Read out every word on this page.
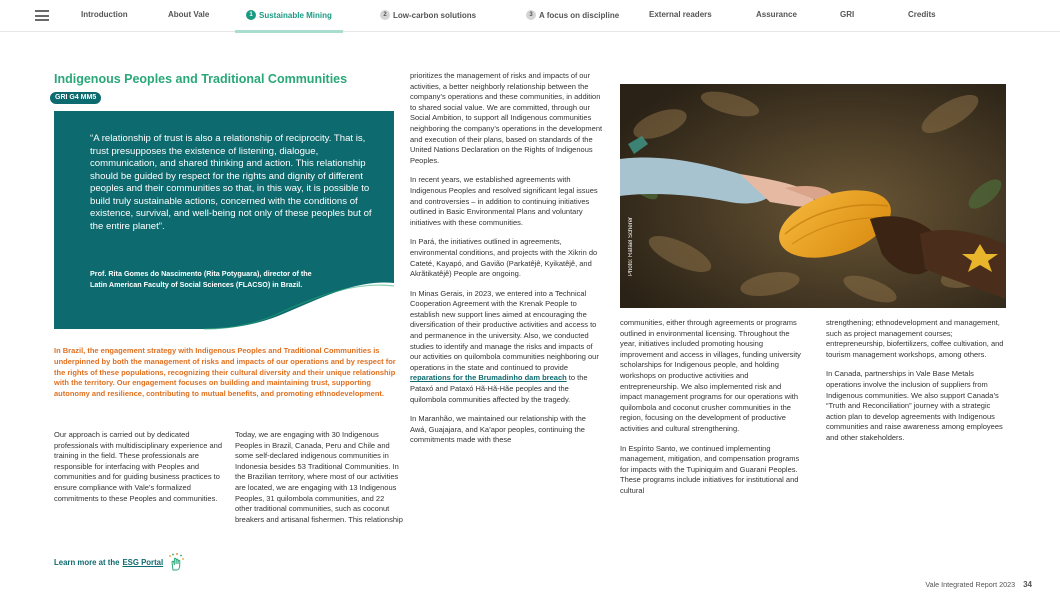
Introduction	About Vale	1 Sustainable Mining	2 Low-carbon solutions	3 A focus on discipline	External readers	Assurance	GRI	Credits
Indigenous Peoples and Traditional Communities
GRI G4 MM5

“A relationship of trust is also a relationship of reciprocity. That is, trust presupposes the existence of listening, dialogue, communication, and shared thinking and action. This relationship should be guided by respect for the rights and dignity of different peoples and their communities so that, in this way, it is possible to build truly sustainable actions, concerned with the conditions of existence, survival, and well-being not only of these peoples but of the entire planet”.

Prof. Rita Gomes do Nascimento (Rita Potyguara), director of the Latin American Faculty of Social Sciences (FLACSO) in Brazil.

In Brazil, the engagement strategy with Indigenous Peoples and Traditional Communities is underpinned by both the management of risks and impacts of our operations and by respect for the rights of these populations, recognizing their cultural diversity and their unique relationship with the territory. Our engagement focuses on building and maintaining trust, supporting autonomy and resilience, contributing to mutual benefits, and promoting ethnodevelopment.

Our approach is carried out by dedicated professionals with multidisciplinary experience and training in the field. These professionals are responsible for interfacing with Peoples and communities and for guiding business practices to ensure compliance with Vale’s formalized commitments to these Peoples and communities.

Learn more at the ESG Portal

Today, we are engaging with 30 Indigenous Peoples in Brazil, Canada, Peru and Chile and some self-declared indigenous communities in Indonesia besides 53 Traditional Communities. In the Brazilian territory, where most of our activities are located, we are engaging with 13 Indigenous Peoples, 31 quilombola communities, and 22 other traditional communities, such as coconut breakers and artisanal fishermen. This relationship

prioritizes the management of risks and impacts of our activities, a better neighborly relationship between the company’s operations and these communities, in addition to shared social value. We are committed, through our Social Ambition, to support all Indigenous communities neighboring the company’s operations in the development and execution of their plans, based on standards of the United Nations Declaration on the Rights of Indigenous Peoples.

In recent years, we established agreements with Indigenous Peoples and resolved significant legal issues and controversies – in addition to continuing initiatives outlined in Basic Environmental Plans and voluntary initiatives with these communities.

In Pará, the initiatives outlined in agreements, environmental conditions, and projects with the Xikrin do Cateté, Kayapó, and Gavião (Parkatêjê, Kyikatêjê, and Akrãtikatêjê) People are ongoing.

In Minas Gerais, in 2023, we entered into a Technical Cooperation Agreement with the Krenak People to establish new support lines aimed at encouraging the diversification of their productive activities and access to and permanence in the university. Also, we conducted studies to identify and manage the risks and impacts of our activities on quilombola communities neighboring our operations in the state and continued to provide reparations for the Brumadinho dam breach to the Pataxó and Pataxó Hã-Hã-Hãe peoples and the quilombola communities affected by the tragedy.

In Maranhão, we maintained our relationship with the Awá, Guajajara, and Ka’apor peoples, continuing the commitments made with these

Photo: Rafael Scherer

communities, either through agreements or programs outlined in environmental licensing. Throughout the year, initiatives included promoting housing improvement and access in villages, funding university scholarships for Indigenous people, and holding workshops on productive activities and entrepreneurship. We also implemented risk and impact management programs for our operations with quilombola and coconut crusher communities in the region, focusing on the development of productive activities and cultural strengthening.

In Espírito Santo, we continued implementing management, mitigation, and compensation programs for impacts with the Tupiniquim and Guarani Peoples. These programs include initiatives for institutional and cultural

strengthening; ethnodevelopment and management, such as project management courses; entrepreneurship, biofertilizers, coffee cultivation, and tourism management workshops, among others.

In Canada, partnerships in Vale Base Metals operations involve the inclusion of suppliers from Indigenous communities. We also support Canada’s “Truth and Reconciliation” journey with a strategic action plan to develop agreements with Indigenous communities and raise awareness among employees and other stakeholders.

Vale Integrated Report 2023 34
